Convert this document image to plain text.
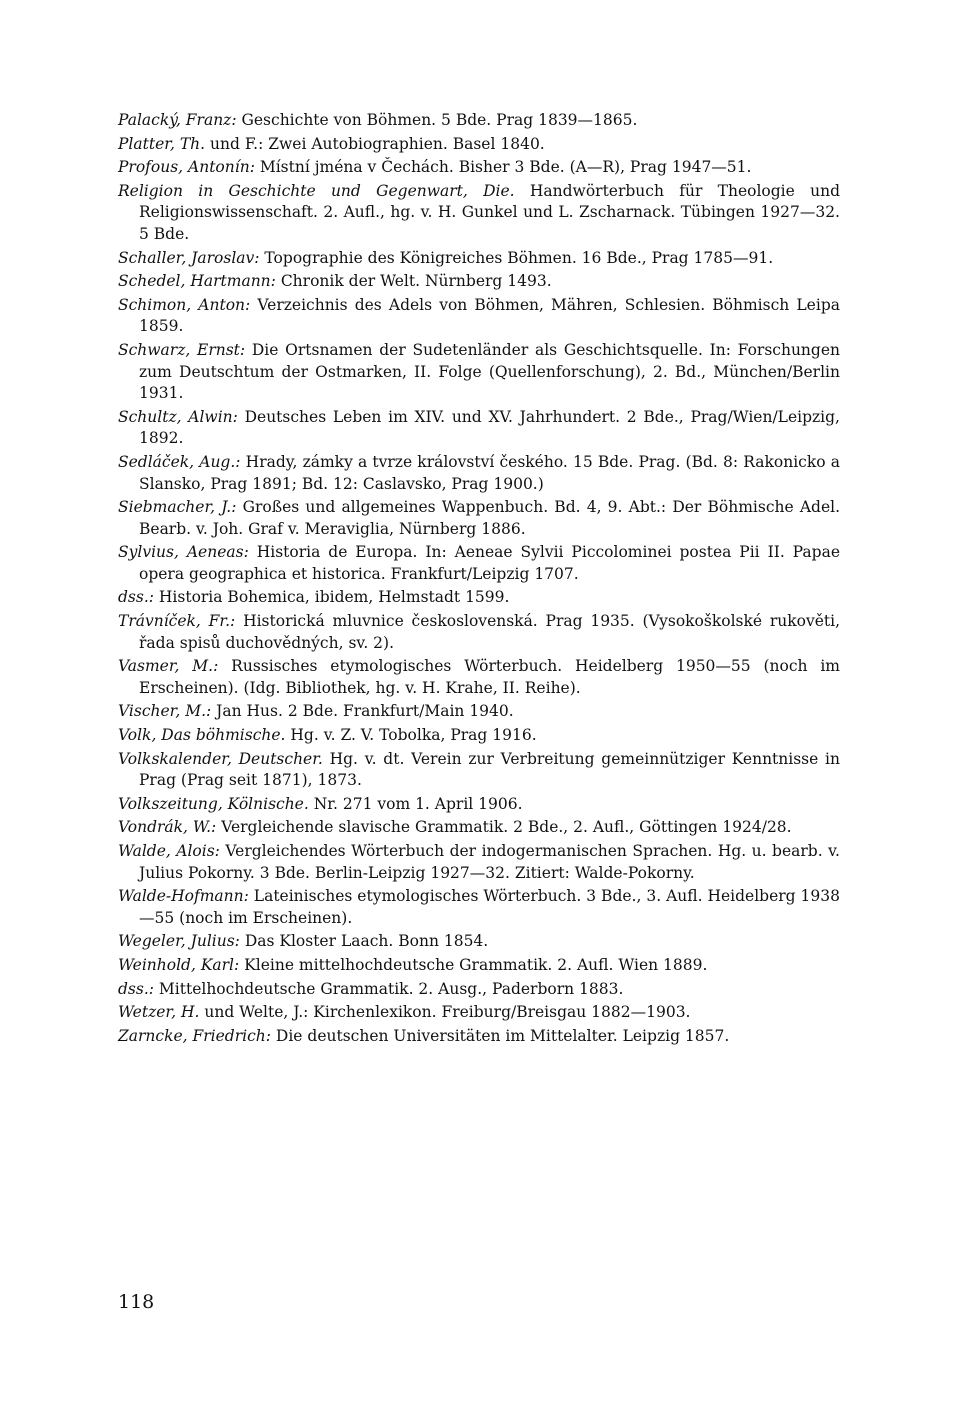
Palacký, Franz: Geschichte von Böhmen. 5 Bde. Prag 1839—1865.
Platter, Th. und F.: Zwei Autobiographien. Basel 1840.
Profous, Antonín: Místní jména v Čechách. Bisher 3 Bde. (A—R), Prag 1947—51.
Religion in Geschichte und Gegenwart, Die. Handwörterbuch für Theologie und Religionswissenschaft. 2. Aufl., hg. v. H. Gunkel und L. Zscharnack. Tübingen 1927—32. 5 Bde.
Schaller, Jaroslav: Topographie des Königreiches Böhmen. 16 Bde., Prag 1785—91.
Schedel, Hartmann: Chronik der Welt. Nürnberg 1493.
Schimon, Anton: Verzeichnis des Adels von Böhmen, Mähren, Schlesien. Böhmisch Leipa 1859.
Schwarz, Ernst: Die Ortsnamen der Sudetenländer als Geschichtsquelle. In: Forschungen zum Deutschtum der Ostmarken, II. Folge (Quellenforschung), 2. Bd., München/Berlin 1931.
Schultz, Alwin: Deutsches Leben im XIV. und XV. Jahrhundert. 2 Bde., Prag/Wien/Leipzig, 1892.
Sedláček, Aug.: Hrady, zámky a tvrze království českého. 15 Bde. Prag. (Bd. 8: Rakonicko a Slansko, Prag 1891; Bd. 12: Caslavsko, Prag 1900.)
Siebmacher, J.: Großes und allgemeines Wappenbuch. Bd. 4, 9. Abt.: Der Böhmische Adel. Bearb. v. Joh. Graf v. Meraviglia, Nürnberg 1886.
Sylvius, Aeneas: Historia de Europa. In: Aeneae Sylvii Piccolominei postea Pii II. Papae opera geographica et historica. Frankfurt/Leipzig 1707.
dss.: Historia Bohemica, ibidem, Helmstadt 1599.
Trávníček, Fr.: Historická mluvnice československá. Prag 1935. (Vysokoškolské rukověti, řada spisů duchovědných, sv. 2).
Vasmer, M.: Russisches etymologisches Wörterbuch. Heidelberg 1950—55 (noch im Erscheinen). (Idg. Bibliothek, hg. v. H. Krahe, II. Reihe).
Vischer, M.: Jan Hus. 2 Bde. Frankfurt/Main 1940.
Volk, Das böhmische. Hg. v. Z. V. Tobolka, Prag 1916.
Volkskalender, Deutscher. Hg. v. dt. Verein zur Verbreitung gemeinnütziger Kenntnisse in Prag (Prag seit 1871), 1873.
Volkszeitung, Kölnische. Nr. 271 vom 1. April 1906.
Vondrák, W.: Vergleichende slavische Grammatik. 2 Bde., 2. Aufl., Göttingen 1924/28.
Walde, Alois: Vergleichendes Wörterbuch der indogermanischen Sprachen. Hg. u. bearb. v. Julius Pokorny. 3 Bde. Berlin-Leipzig 1927—32. Zitiert: Walde-Pokorny.
Walde-Hofmann: Lateinisches etymologisches Wörterbuch. 3 Bde., 3. Aufl. Heidelberg 1938—55 (noch im Erscheinen).
Wegeler, Julius: Das Kloster Laach. Bonn 1854.
Weinhold, Karl: Kleine mittelhochdeutsche Grammatik. 2. Aufl. Wien 1889.
dss.: Mittelhochdeutsche Grammatik. 2. Ausg., Paderborn 1883.
Wetzer, H. und Welte, J.: Kirchenlexikon. Freiburg/Breisgau 1882—1903.
Zarncke, Friedrich: Die deutschen Universitäten im Mittelalter. Leipzig 1857.
118
